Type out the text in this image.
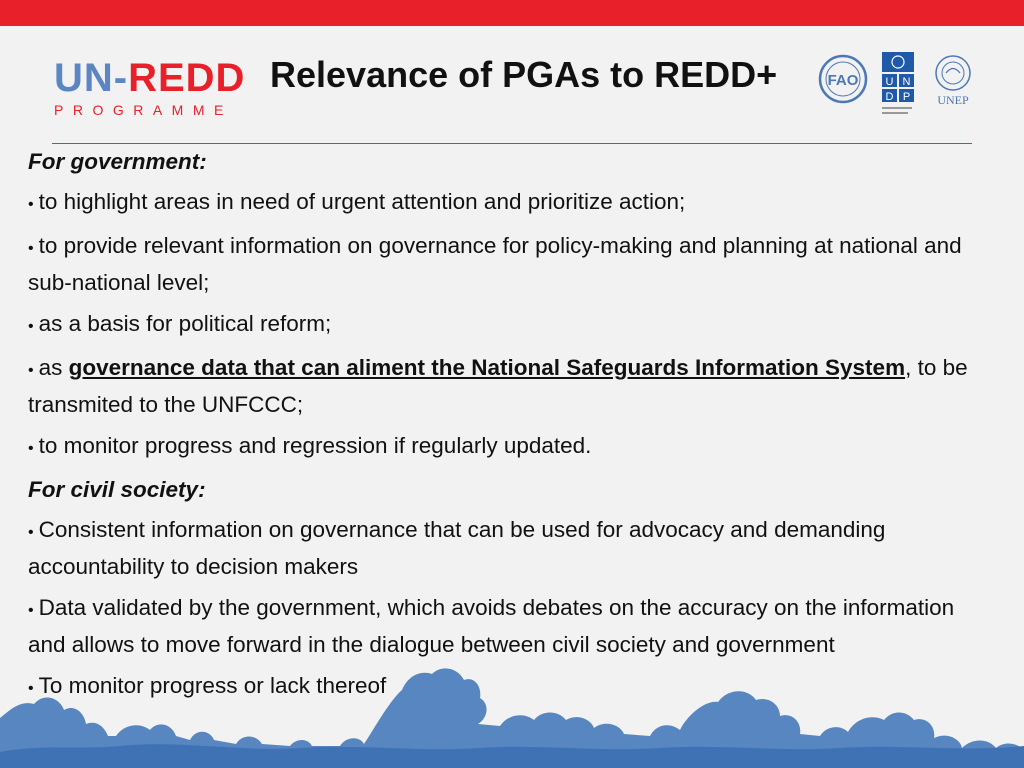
UN-REDD
PROGRAMME
Relevance of PGAs to REDD+	FAO U N
D P UNEP

For government:

• to highlight areas in need of urgent attention and prioritize action;
• to provide relevant information on governance for policy-making and planning at national and sub-national level;
• as a basis for political reform;
• as governance data that can aliment the National Safeguards Information System, to be transmited to the UNFCCC;
• to monitor progress and regression if regularly updated.

For civil society:

• Consistent information on governance that can be used for advocacy and demanding accountability to decision makers
• Data validated by the government, which avoids debates on the accuracy on the information and allows to move forward in the dialogue between civil society and government
• To monitor progress or lack thereof
